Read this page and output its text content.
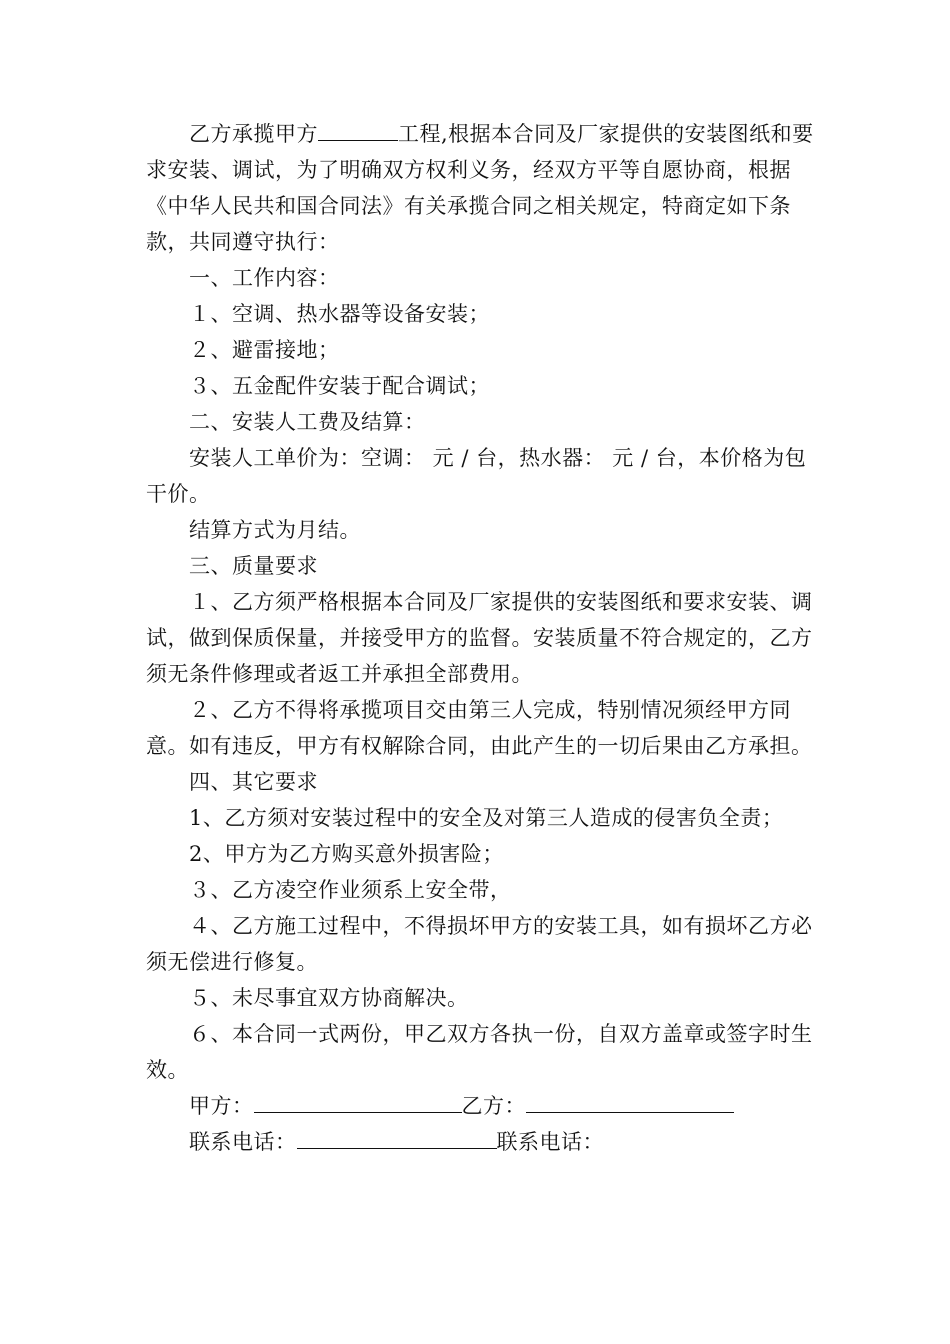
乙方承揽甲方	工程,根据本合同及厂家提供的安装图纸和要求安装、调试，为了明确双方权利义务，经双方平等自愿协商，根据《中华人民共和国合同法》有关承揽合同之相关规定，特商定如下条款，共同遵守执行：

一、工作内容：

１、空调、热水器等设备安装；

２、避雷接地；

３、五金配件安装于配合调试；

二、安装人工费及结算：

安装人工单价为：空调： 元 / 台，热水器： 元 / 台，本价格为包干价。

结算方式为月结。

三、质量要求

１、乙方须严格根据本合同及厂家提供的安装图纸和要求安装、调试，做到保质保量，并接受甲方的监督。安装质量不符合规定的，乙方须无条件修理或者返工并承担全部费用。

２、乙方不得将承揽项目交由第三人完成，特别情况须经甲方同意。如有违反，甲方有权解除合同，由此产生的一切后果由乙方承担。

四、其它要求

1、乙方须对安装过程中的安全及对第三人造成的侵害负全责；

2、甲方为乙方购买意外损害险；

３、乙方凌空作业须系上安全带，

４、乙方施工过程中，不得损坏甲方的安装工具，如有损坏乙方必须无偿进行修复。

５、未尽事宜双方协商解决。

６、本合同一式两份，甲乙双方各执一份，自双方盖章或签字时生效。

甲方：	乙方：

联系电话：	联系电话：
